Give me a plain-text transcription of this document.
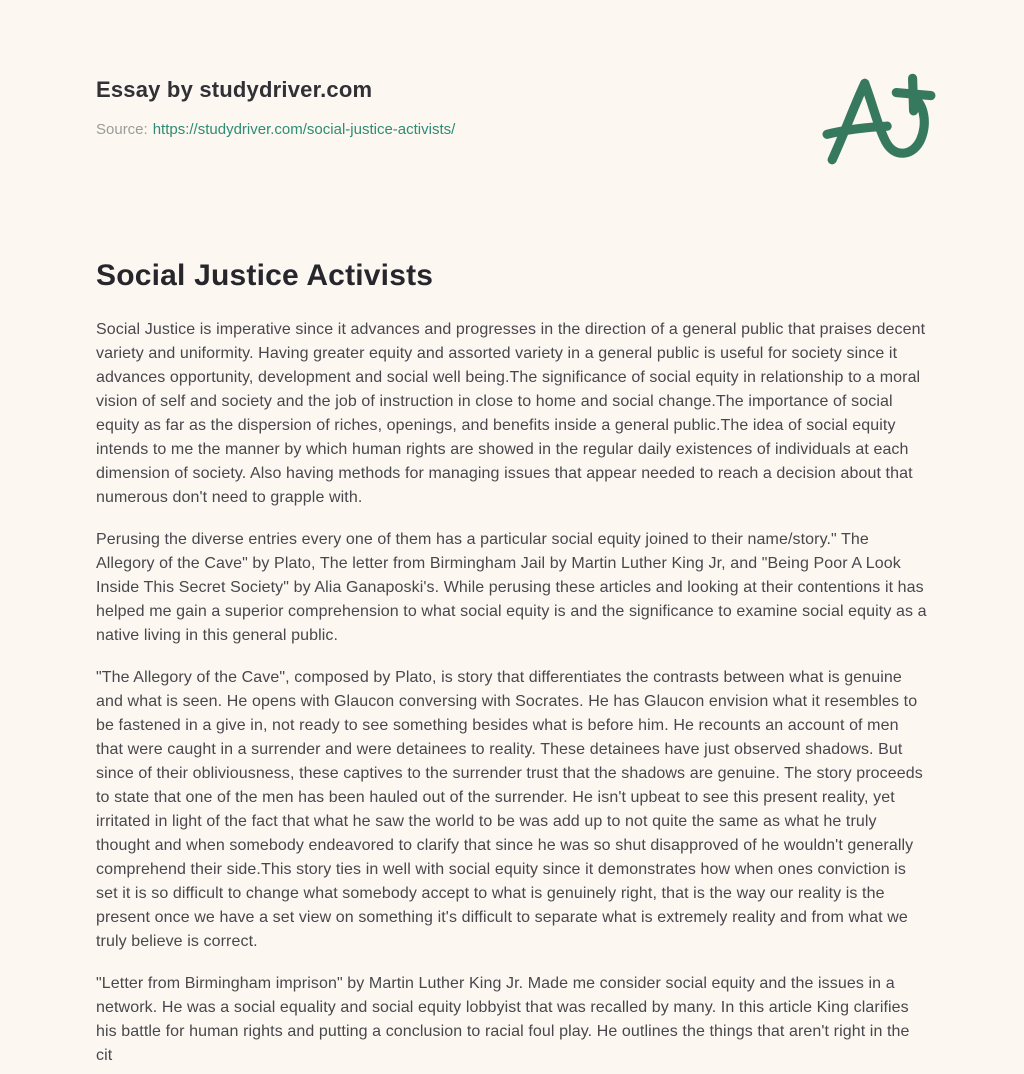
Essay by studydriver.com
Source: https://studydriver.com/social-justice-activists/
Social Justice Activists

Social Justice is imperative since it advances and progresses in the direction of a general public that praises decent variety and uniformity. Having greater equity and assorted variety in a general public is useful for society since it advances opportunity, development and social well being.The significance of social equity in relationship to a moral vision of self and society and the job of instruction in close to home and social change.The importance of social equity as far as the dispersion of riches, openings, and benefits inside a general public.The idea of social equity intends to me the manner by which human rights are showed in the regular daily existences of individuals at each dimension of society. Also having methods for managing issues that appear needed to reach a decision about that numerous don't need to grapple with.

Perusing the diverse entries every one of them has a particular social equity joined to their name/story." The Allegory of the Cave" by Plato, The letter from Birmingham Jail by Martin Luther King Jr, and "Being Poor A Look Inside This Secret Society" by Alia Ganaposki's. While perusing these articles and looking at their contentions it has helped me gain a superior comprehension to what social equity is and the significance to examine social equity as a native living in this general public.

"The Allegory of the Cave", composed by Plato, is story that differentiates the contrasts between what is genuine and what is seen. He opens with Glaucon conversing with Socrates. He has Glaucon envision what it resembles to be fastened in a give in, not ready to see something besides what is before him. He recounts an account of men that were caught in a surrender and were detainees to reality. These detainees have just observed shadows. But since of their obliviousness, these captives to the surrender trust that the shadows are genuine. The story proceeds to state that one of the men has been hauled out of the surrender. He isn't upbeat to see this present reality, yet irritated in light of the fact that what he saw the world to be was add up to not quite the same as what he truly thought and when somebody endeavored to clarify that since he was so shut disapproved of he wouldn't generally comprehend their side.This story ties in well with social equity since it demonstrates how when ones conviction is set it is so difficult to change what somebody accept to what is genuinely right, that is the way our reality is the present once we have a set view on something it's difficult to separate what is extremely reality and from what we truly believe is correct.

"Letter from Birmingham imprison" by Martin Luther King Jr. Made me consider social equity and the issues in a network. He was a social equality and social equity lobbyist that was recalled by many. In this article King clarifies his battle for human rights and putting a conclusion to racial foul play. He outlines the things that aren't right in the cit
